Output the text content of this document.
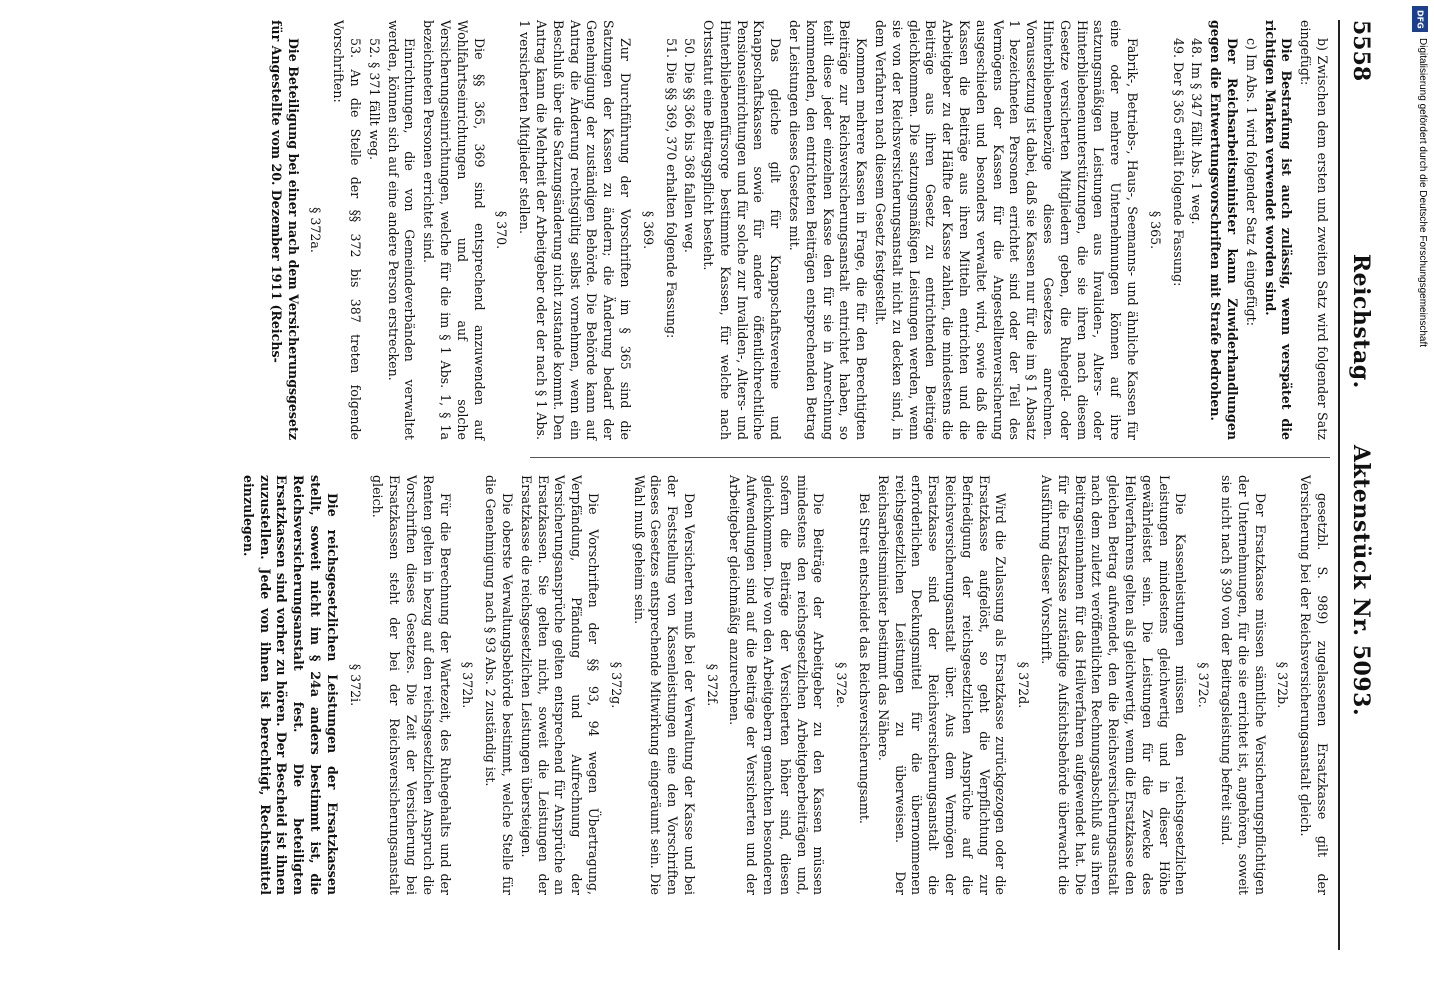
5558
Reichstag. Aktenstück Nr. 5093.

b) Zwischen dem ersten und zweiten Satz wird folgender Satz eingefügt:

Die Bestrafung ist auch zulässig, wenn verspätet die richtigen Marken verwendet worden sind.

c) Im Abs. 1 wird folgender Satz 4 eingefügt:

Der Reichsarbeitsminister kann Zuwiderhandlungen gegen die Entwertungsvorschriften mit Strafe bedrohen.

48. Im § 347 fällt Abs. 1 weg.

49. Der § 365 erhält folgende Fassung:

§ 365.

Fabrik-, Betriebs-, Haus-, Seemanns- und ähnliche Kassen für eine oder mehrere Unternehmungen können auf ihre satzungsmäßigen Leistungen aus Invaliden-, Alters- oder Hinterbliebenenunterstützungen, die sie ihren nach diesem Gesetze versicherten Mitgliedern geben, die Ruhegeld- oder Hinterbliebenenbezüge dieses Gesetzes anrechnen. Voraussetzung ist dabei, daß sie Kassen nur für die im § 1 Absatz 1 bezeichneten Personen errichtet sind oder der Teil des Vermögens der Kassen für die Angestelltenversicherung ausgeschieden und besonders verwaltet wird, sowie daß die Kassen die Beiträge aus ihren Mitteln entrichten und die Arbeitgeber zu der Hälfte der Kasse zahlen, die mindestens die Beiträge aus ihren Gesetz zu entrichtenden Beiträge gleichkommen. Die satzungsmäßigen Leistungen werden, wenn sie von der Reichsversicherungsanstalt nicht zu decken sind, in dem Verfahren nach diesem Gesetz festgestellt.

Kommen mehrere Kassen in Frage, die für den Berechtigten Beiträge zur Reichsversicherungsanstalt entrichtet haben, so teilt diese jeder einzelnen Kasse den für sie in Anrechnung kommenden, den entrichteten Beiträgen entsprechenden Betrag der Leistungen dieses Gesetzes mit.

Das gleiche gilt für Knappschaftsvereine und Knappschaftskassen sowie für andere öffentlichrechtliche Pensionseinrichtungen und für solche zur Invaliden-, Alters- und Hinterbliebenenfürsorge bestimmte Kassen, für welche nach Ortsstatut eine Beitragspflicht besteht.

50. Die §§ 366 bis 368 fallen weg.

51. Die §§ 369, 370 erhalten folgende Fassung:

§ 369.

Zur Durchführung der Vorschriften im § 365 sind die Satzungen der Kassen zu ändern; die Änderung bedarf der Genehmigung der zuständigen Behörde. Die Behörde kann auf Antrag die Änderung rechtsgültig selbst vornehmen, wenn ein Beschluß über die Satzungsänderung nicht zustande kommt. Den Antrag kann die Mehrheit der Arbeitgeber oder der nach § 1 Abs. 1 versicherten Mitglieder stellen.

§ 370.

Die §§ 365, 369 sind entsprechend anzuwenden auf Wohlfahrtseinrichtungen und auf solche Versicherungseinrichtungen, welche für die im § 1 Abs. 1, § 1a bezeichneten Personen errichtet sind.

Einrichtungen, die von Gemeindeverbänden verwaltet werden, können sich auf eine andere Person erstrecken.

52. § 371 fällt weg.

53. An die Stelle der §§ 372 bis 387 treten folgende Vorschriften:

§ 372a.

Die Beteiligung bei einer nach dem Versicherungsgesetz für Angestellte vom 20. Dezember 1911 (Reichs-

gesetzbl. S. 989) zugelassenen Ersatzkasse gilt der Versicherung bei der Reichsversicherungsanstalt gleich.

§ 372b.

Der Ersatzkasse müssen sämtliche Versicherungspflichtigen der Unternehmungen, für die sie errichtet ist, angehören, soweit sie nicht nach § 390 von der Beitragsleistung befreit sind.

§ 372c.

Die Kassenleistungen müssen den reichsgesetzlichen Leistungen mindestens gleichwertig und in dieser Höhe gewährleistet sein. Die Leistungen für die Zwecke des Heilverfahrens gelten als gleichwertig, wenn die Ersatzkasse den gleichen Betrag aufwendet, den die Reichsversicherungsanstalt nach dem zuletzt veröffentlichten Rechnungsabschluß aus ihren Beitragseinnahmen für das Heilverfahren aufgewendet hat. Die für die Ersatzkasse zuständige Aufsichtsbehörde überwacht die Ausführung dieser Vorschrift.

§ 372d.

Wird die Zulassung als Ersatzkasse zurückgezogen oder die Ersatzkasse aufgelöst, so geht die Verpflichtung zur Befriedigung der reichsgesetzlichen Ansprüche auf die Reichsversicherungsanstalt über. Aus dem Vermögen der Ersatzkasse sind der Reichsversicherungsanstalt die erforderlichen Deckungsmittel für die übernommenen reichsgesetzlichen Leistungen zu überweisen. Der Reichsarbeitsminister bestimmt das Nähere.

Bei Streit entscheidet das Reichsversicherungsamt.

§ 372e.

Die Beiträge der Arbeitgeber zu den Kassen müssen mindestens den reichsgesetzlichen Arbeitgeberbeiträgen und, sofern die Beiträge der Versicherten höher sind, diesen gleichkommen. Die von den Arbeitgebern gemachten besonderen Aufwendungen sind auf die Beiträge der Versicherten und der Arbeitgeber gleichmäßig anzurechnen.

§ 372f.

Den Versicherten muß bei der Verwaltung der Kasse und bei der Feststellung von Kassenleistungen eine den Vorschriften dieses Gesetzes entsprechende Mitwirkung eingeräumt sein. Die Wahl muß geheim sein.

§ 372g.

Die Vorschriften der §§ 93, 94 wegen Übertragung, Verpfändung, Pfändung und Aufrechnung der Versicherungsansprüche gelten entsprechend für Ansprüche an Ersatzkassen. Sie gelten nicht, soweit die Leistungen der Ersatzkasse die reichsgesetzlichen Leistungen übersteigen.

Die oberste Verwaltungsbehörde bestimmt, welche Stelle für die Genehmigung nach § 93 Abs. 2 zuständig ist.

§ 372h.

Für die Berechnung der Wartezeit, des Ruhegehalts und der Renten gelten in bezug auf den reichsgesetzlichen Anspruch die Vorschriften dieses Gesetzes. Die Zeit der Versicherung bei Ersatzkassen steht der bei der Reichsversicherungsanstalt gleich.

§ 372i.

Die reichsgesetzlichen Leistungen der Ersatzkassen stellt, soweit nicht im § 24a anders bestimmt ist, die Reichsversicherungsanstalt fest. Die beteiligten Ersatzkassen sind vorher zu hören. Der Bescheid ist ihnen zuzustellen. Jede von ihnen ist berechtigt, Rechtsmittel einzulegen.

DFG
Digitalisierung gefördert durch die Deutsche Forschungsgemeinschaft
